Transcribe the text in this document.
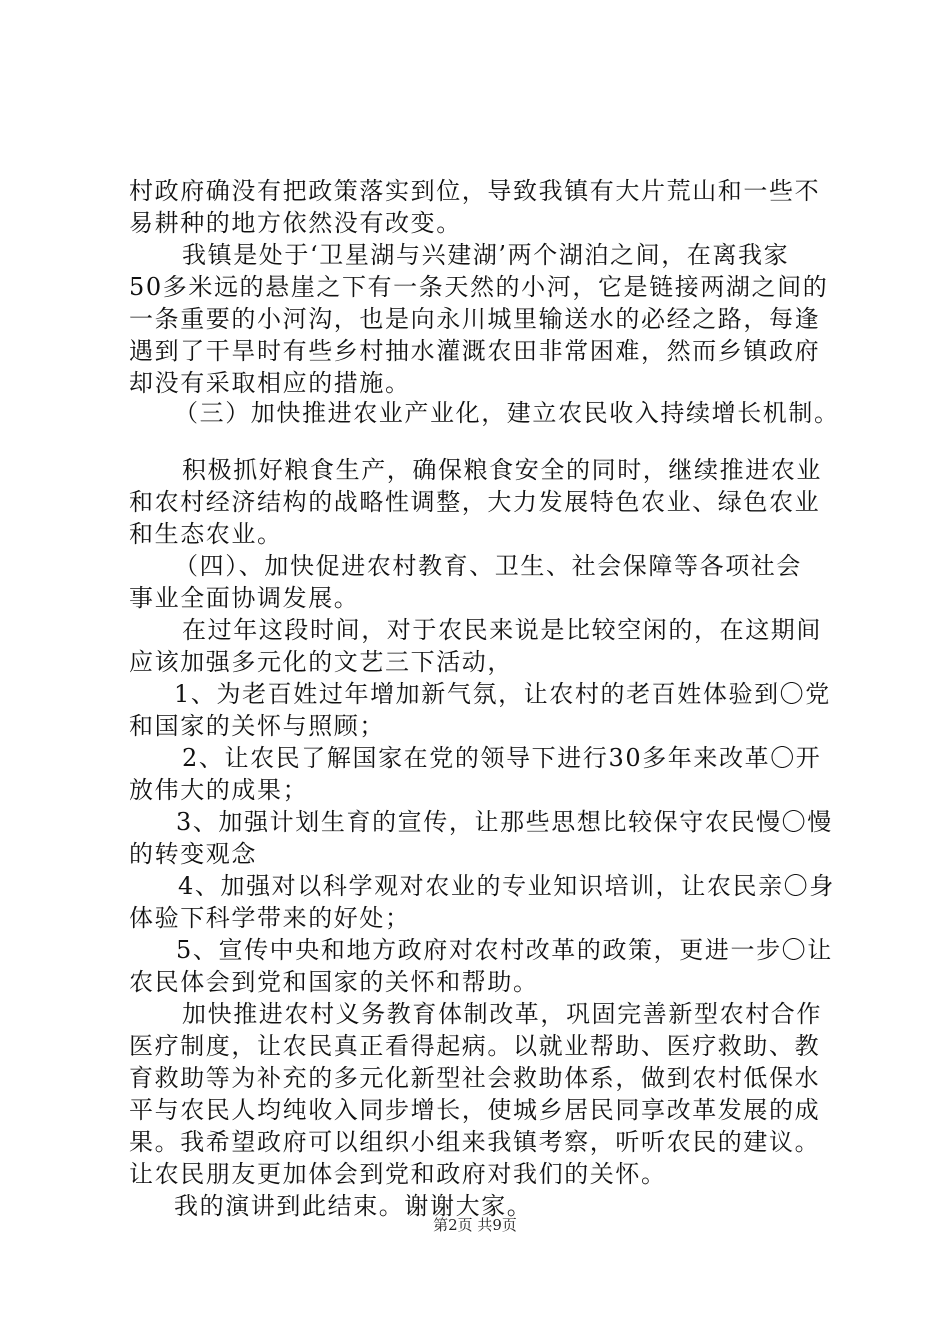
村政府确没有把政策落实到位，导致我镇有大片荒山和一些不
易耕种的地方依然没有改变。
我镇是处于‘卫星湖与兴建湖’两个湖泊之间，在离我家
50多米远的悬崖之下有一条天然的小河，它是链接两湖之间的
一条重要的小河沟，也是向永川城里输送水的必经之路，每逢
遇到了干旱时有些乡村抽水灌溉农田非常困难，然而乡镇政府
却没有采取相应的措施。
（三）加快推进农业产业化，建立农民收入持续增长机制。
积极抓好粮食生产，确保粮食安全的同时，继续推进农业
和农村经济结构的战略性调整，大力发展特色农业、绿色农业
和生态农业。
（四）、加快促进农村教育、卫生、社会保障等各项社会
事业全面协调发展。
在过年这段时间，对于农民来说是比较空闲的，在这期间
应该加强多元化的文艺三下活动，
1、为老百姓过年增加新气氛，让农村的老百姓体验到〇党
和国家的关怀与照顾；
2、让农民了解国家在党的领导下进行30多年来改革〇开
放伟大的成果；
3、加强计划生育的宣传，让那些思想比较保守农民慢〇慢
的转变观念
4、加强对以科学观对农业的专业知识培训，让农民亲〇身
体验下科学带来的好处；
5、宣传中央和地方政府对农村改革的政策，更进一步〇让
农民体会到党和国家的关怀和帮助。
加快推进农村义务教育体制改革，巩固完善新型农村合作
医疗制度，让农民真正看得起病。以就业帮助、医疗救助、教
育救助等为补充的多元化新型社会救助体系，做到农村低保水
平与农民人均纯收入同步增长，使城乡居民同享改革发展的成
果。我希望政府可以组织小组来我镇考察，听听农民的建议。
让农民朋友更加体会到党和政府对我们的关怀。
我的演讲到此结束。谢谢大家。
第2页 共9页
